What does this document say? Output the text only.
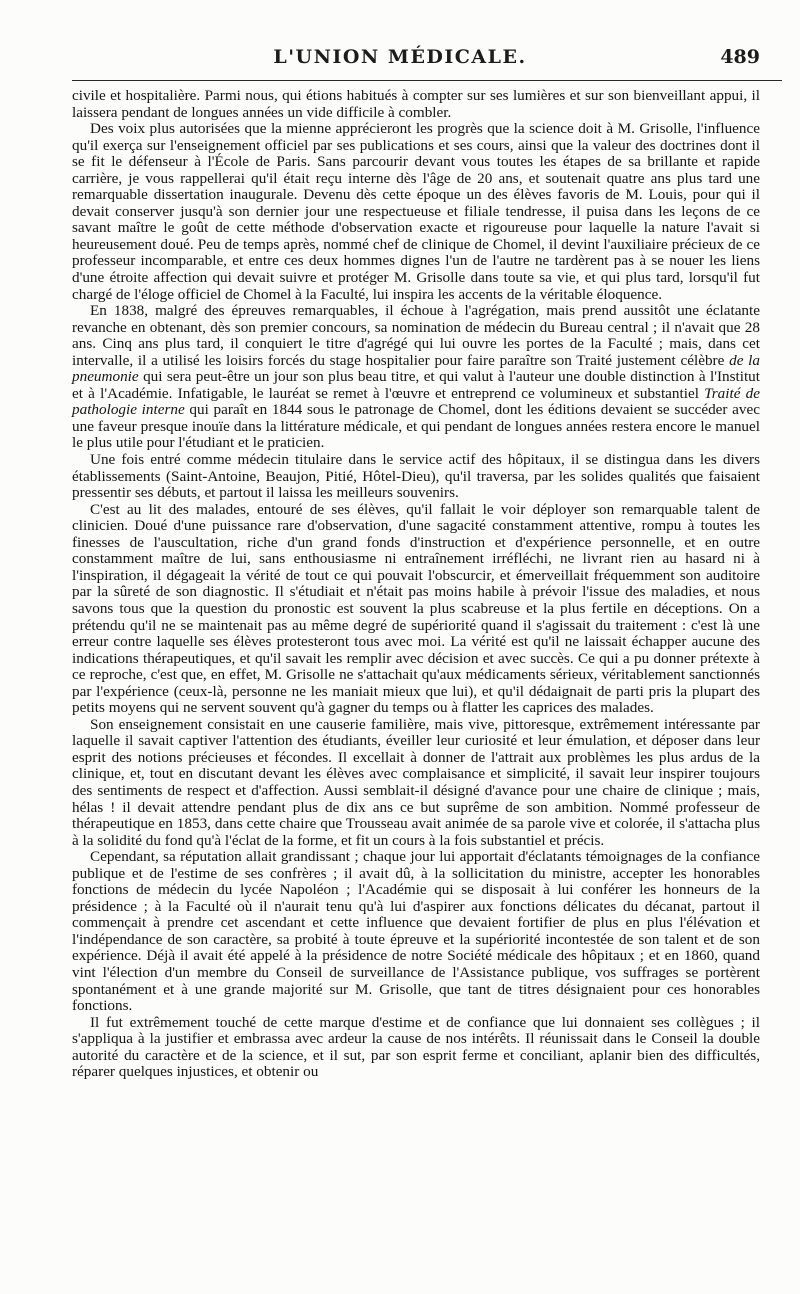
L'UNION MÉDICALE.	489

civile et hospitalière. Parmi nous, qui étions habitués à compter sur ses lumières et sur son bienveillant appui, il laissera pendant de longues années un vide difficile à combler.

Des voix plus autorisées que la mienne apprécieront les progrès que la science doit à M. Grisolle, l'influence qu'il exerça sur l'enseignement officiel par ses publications et ses cours, ainsi que la valeur des doctrines dont il se fit le défenseur à l'École de Paris. Sans parcourir devant vous toutes les étapes de sa brillante et rapide carrière, je vous rappellerai qu'il était reçu interne dès l'âge de 20 ans, et soutenait quatre ans plus tard une remarquable dissertation inaugurale. Devenu dès cette époque un des élèves favoris de M. Louis, pour qui il devait conserver jusqu'à son dernier jour une respectueuse et filiale tendresse, il puisa dans les leçons de ce savant maître le goût de cette méthode d'observation exacte et rigoureuse pour laquelle la nature l'avait si heureusement doué. Peu de temps après, nommé chef de clinique de Chomel, il devint l'auxiliaire précieux de ce professeur incomparable, et entre ces deux hommes dignes l'un de l'autre ne tardèrent pas à se nouer les liens d'une étroite affection qui devait suivre et protéger M. Grisolle dans toute sa vie, et qui plus tard, lorsqu'il fut chargé de l'éloge officiel de Chomel à la Faculté, lui inspira les accents de la véritable éloquence.

En 1838, malgré des épreuves remarquables, il échoue à l'agrégation, mais prend aussitôt une éclatante revanche en obtenant, dès son premier concours, sa nomination de médecin du Bureau central ; il n'avait que 28 ans. Cinq ans plus tard, il conquiert le titre d'agrégé qui lui ouvre les portes de la Faculté ; mais, dans cet intervalle, il a utilisé les loisirs forcés du stage hospitalier pour faire paraître son Traité justement célèbre de la pneumonie qui sera peut-être un jour son plus beau titre, et qui valut à l'auteur une double distinction à l'Institut et à l'Académie. Infatigable, le lauréat se remet à l'œuvre et entreprend ce volumineux et substantiel Traité de pathologie interne qui paraît en 1844 sous le patronage de Chomel, dont les éditions devaient se succéder avec une faveur presque inouïe dans la littérature médicale, et qui pendant de longues années restera encore le manuel le plus utile pour l'étudiant et le praticien.

Une fois entré comme médecin titulaire dans le service actif des hôpitaux, il se distingua dans les divers établissements (Saint-Antoine, Beaujon, Pitié, Hôtel-Dieu), qu'il traversa, par les solides qualités que faisaient pressentir ses débuts, et partout il laissa les meilleurs souvenirs.

C'est au lit des malades, entouré de ses élèves, qu'il fallait le voir déployer son remarquable talent de clinicien. Doué d'une puissance rare d'observation, d'une sagacité constamment attentive, rompu à toutes les finesses de l'auscultation, riche d'un grand fonds d'instruction et d'expérience personnelle, et en outre constamment maître de lui, sans enthousiasme ni entraînement irréfléchi, ne livrant rien au hasard ni à l'inspiration, il dégageait la vérité de tout ce qui pouvait l'obscurcir, et émerveillait fréquemment son auditoire par la sûreté de son diagnostic. Il s'étudiait et n'était pas moins habile à prévoir l'issue des maladies, et nous savons tous que la question du pronostic est souvent la plus scabreuse et la plus fertile en déceptions. On a prétendu qu'il ne se maintenait pas au même degré de supériorité quand il s'agissait du traitement : c'est là une erreur contre laquelle ses élèves protesteront tous avec moi. La vérité est qu'il ne laissait échapper aucune des indications thérapeutiques, et qu'il savait les remplir avec décision et avec succès. Ce qui a pu donner prétexte à ce reproche, c'est que, en effet, M. Grisolle ne s'attachait qu'aux médicaments sérieux, véritablement sanctionnés par l'expérience (ceux-là, personne ne les maniait mieux que lui), et qu'il dédaignait de parti pris la plupart des petits moyens qui ne servent souvent qu'à gagner du temps ou à flatter les caprices des malades.

Son enseignement consistait en une causerie familière, mais vive, pittoresque, extrêmement intéressante par laquelle il savait captiver l'attention des étudiants, éveiller leur curiosité et leur émulation, et déposer dans leur esprit des notions précieuses et fécondes. Il excellait à donner de l'attrait aux problèmes les plus ardus de la clinique, et, tout en discutant devant les élèves avec complaisance et simplicité, il savait leur inspirer toujours des sentiments de respect et d'affection. Aussi semblait-il désigné d'avance pour une chaire de clinique ; mais, hélas ! il devait attendre pendant plus de dix ans ce but suprême de son ambition. Nommé professeur de thérapeutique en 1853, dans cette chaire que Trousseau avait animée de sa parole vive et colorée, il s'attacha plus à la solidité du fond qu'à l'éclat de la forme, et fit un cours à la fois substantiel et précis.

Cependant, sa réputation allait grandissant ; chaque jour lui apportait d'éclatants témoignages de la confiance publique et de l'estime de ses confrères ; il avait dû, à la sollicitation du ministre, accepter les honorables fonctions de médecin du lycée Napoléon ; l'Académie qui se disposait à lui conférer les honneurs de la présidence ; à la Faculté où il n'aurait tenu qu'à lui d'aspirer aux fonctions délicates du décanat, partout il commençait à prendre cet ascendant et cette influence que devaient fortifier de plus en plus l'élévation et l'indépendance de son caractère, sa probité à toute épreuve et la supériorité incontestée de son talent et de son expérience. Déjà il avait été appelé à la présidence de notre Société médicale des hôpitaux ; et en 1860, quand vint l'élection d'un membre du Conseil de surveillance de l'Assistance publique, vos suffrages se portèrent spontanément et à une grande majorité sur M. Grisolle, que tant de titres désignaient pour ces honorables fonctions.

Il fut extrêmement touché de cette marque d'estime et de confiance que lui donnaient ses collègues ; il s'appliqua à la justifier et embrassa avec ardeur la cause de nos intérêts. Il réunissait dans le Conseil la double autorité du caractère et de la science, et il sut, par son esprit ferme et conciliant, aplanir bien des difficultés, réparer quelques injustices, et obtenir ou
